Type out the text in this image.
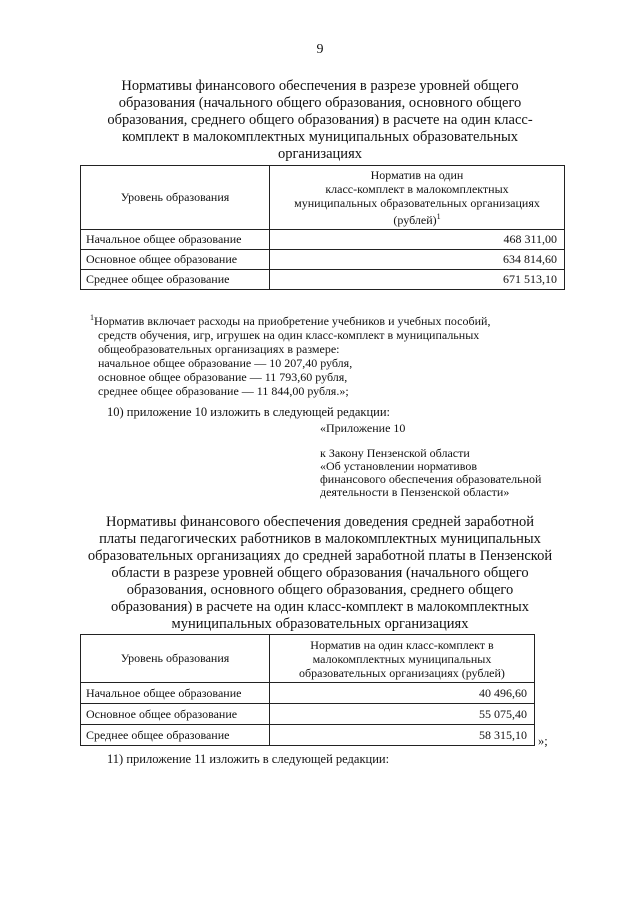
9
Нормативы финансового обеспечения в разрезе уровней общего
образования (начального общего образования, основного общего
образования, среднего общего образования) в расчете на один класс-
комплект в малокомплектных муниципальных образовательных
организациях
Уровень образования	Норматив на один
класс-комплект в малокомплектных
муниципальных образовательных организациях
(рублей)$^1$

Начальное общее образование	468 311,00
Основное общее образование	634 814,60
Среднее общее образование	671 513,10
$^1$Норматив включает расходы на приобретение учебников и учебных пособий,
средств обучения, игр, игрушек на один класс-комплект в муниципальных
общеобразовательных организациях в размере:
начальное общее образование — 10 207,40 рубля,
основное общее образование — 11 793,60 рубля,
среднее общее образование — 11 844,00 рубля.»;
10) приложение 10 изложить в следующей редакции:
«Приложение 10
к Закону Пензенской области
«Об установлении нормативов
финансового обеспечения образовательной
деятельности в Пензенской области»
Нормативы финансового обеспечения доведения средней заработной
платы педагогических работников в малокомплектных муниципальных
образовательных организациях до средней заработной платы в Пензенской
области в разрезе уровней общего образования (начального общего
образования, основного общего образования, среднего общего
образования) в расчете на один класс-комплект в малокомплектных
муниципальных образовательных организациях
Уровень образования	Норматив на один класс-комплект в
малокомплектных муниципальных
образовательных организациях (рублей)

Начальное общее образование	40 496,60
Основное общее образование	55 075,40
Среднее общее образование	58 315,10 »;
11) приложение 11 изложить в следующей редакции:
